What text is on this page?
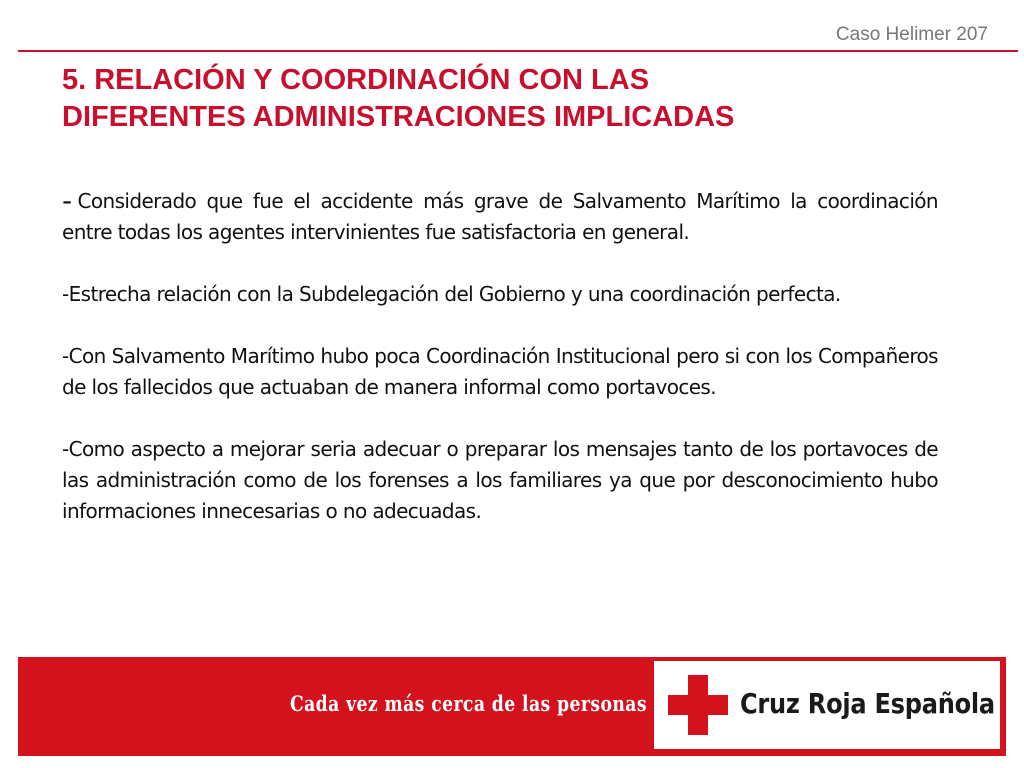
Caso Helimer 207
5. RELACIÓN Y COORDINACIÓN CON LAS
DIFERENTES ADMINISTRACIONES IMPLICADAS

- Considerado que fue el accidente más grave de Salvamento Marítimo la coordinación entre todas los agentes intervinientes fue satisfactoria en general.

-Estrecha relación con la Subdelegación del Gobierno y una coordinación perfecta.

-Con Salvamento Marítimo hubo poca Coordinación Institucional pero si con los Compañeros de los fallecidos que actuaban de manera informal como portavoces.

-Como aspecto a mejorar seria adecuar o preparar los mensajes tanto de los portavoces de las administración como de los forenses a los familiares ya que por desconocimiento hubo informaciones innecesarias o no adecuadas.

Cada vez más cerca de las personas	Cruz Roja Española
